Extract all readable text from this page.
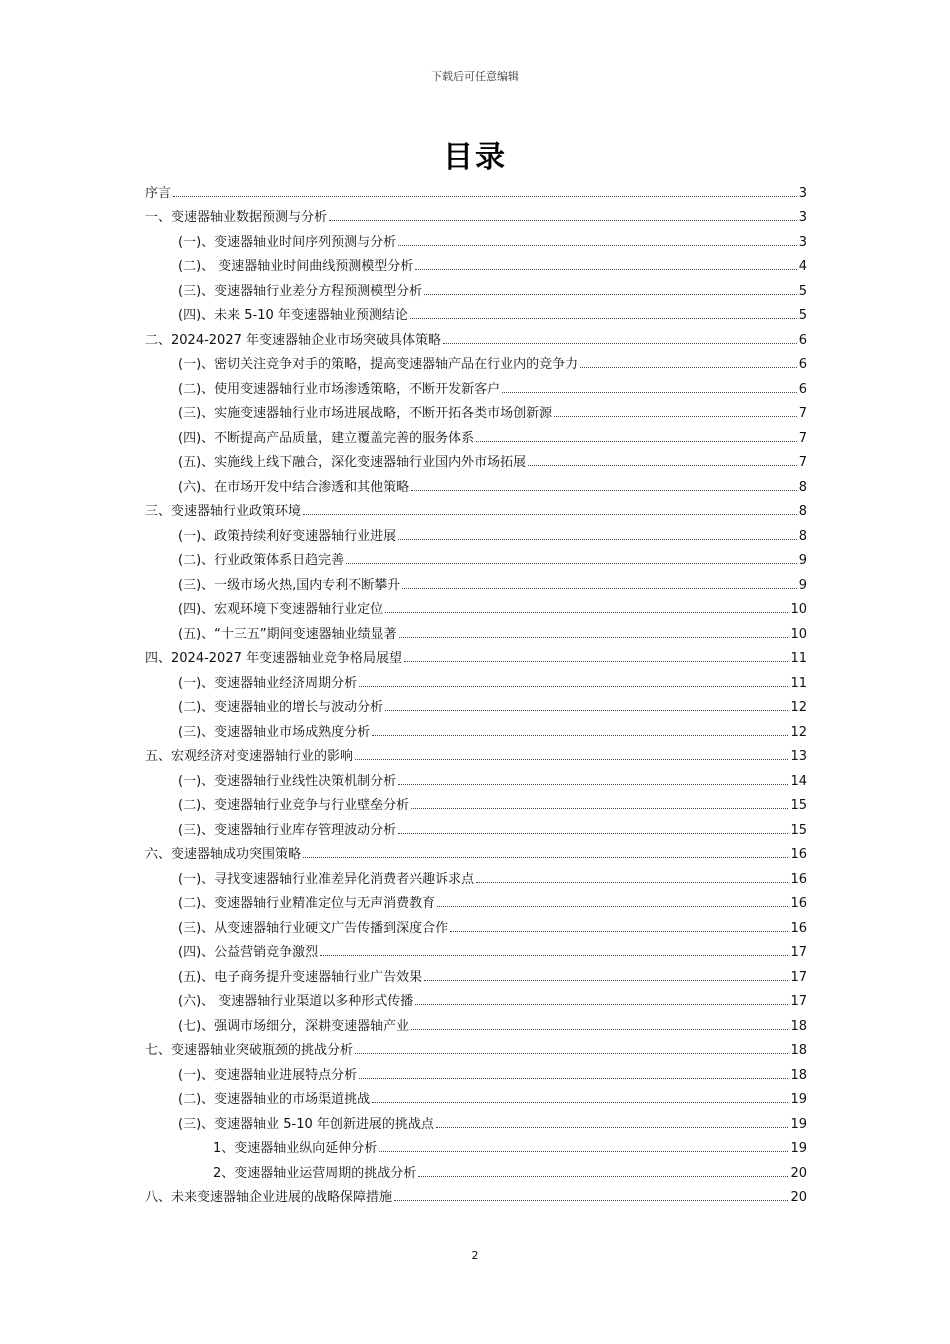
下载后可任意编辑
目录
序言	3
一、变速器轴业数据预测与分析	3
(一)、变速器轴业时间序列预测与分析	3
(二)、 变速器轴业时间曲线预测模型分析	4
(三)、变速器轴行业差分方程预测模型分析	5
(四)、未来 5-10 年变速器轴业预测结论	5
二、2024-2027 年变速器轴企业市场突破具体策略	6
(一)、密切关注竞争对手的策略，提高变速器轴产品在行业内的竞争力	6
(二)、使用变速器轴行业市场渗透策略，不断开发新客户	6
(三)、实施变速器轴行业市场进展战略，不断开拓各类市场创新源	7
(四)、不断提高产品质量，建立覆盖完善的服务体系	7
(五)、实施线上线下融合，深化变速器轴行业国内外市场拓展	7
(六)、在市场开发中结合渗透和其他策略	8
三、变速器轴行业政策环境	8
(一)、政策持续利好变速器轴行业进展	8
(二)、行业政策体系日趋完善	9
(三)、一级市场火热,国内专利不断攀升	9
(四)、宏观环境下变速器轴行业定位	10
(五)、“十三五”期间变速器轴业绩显著	10
四、2024-2027 年变速器轴业竞争格局展望	11
(一)、变速器轴业经济周期分析	11
(二)、变速器轴业的增长与波动分析	12
(三)、变速器轴业市场成熟度分析	12
五、宏观经济对变速器轴行业的影响	13
(一)、变速器轴行业线性决策机制分析	14
(二)、变速器轴行业竞争与行业壁垒分析	15
(三)、变速器轴行业库存管理波动分析	15
六、变速器轴成功突围策略	16
(一)、寻找变速器轴行业准差异化消费者兴趣诉求点	16
(二)、变速器轴行业精准定位与无声消费教育	16
(三)、从变速器轴行业硬文广告传播到深度合作	16
(四)、公益营销竞争激烈	17
(五)、电子商务提升变速器轴行业广告效果	17
(六)、 变速器轴行业渠道以多种形式传播	17
(七)、强调市场细分，深耕变速器轴产业	18
七、变速器轴业突破瓶颈的挑战分析	18
(一)、变速器轴业进展特点分析	18
(二)、变速器轴业的市场渠道挑战	19
(三)、变速器轴业 5-10 年创新进展的挑战点	19
1、变速器轴业纵向延伸分析	19
2、变速器轴业运营周期的挑战分析	20
八、未来变速器轴企业进展的战略保障措施	20
2
